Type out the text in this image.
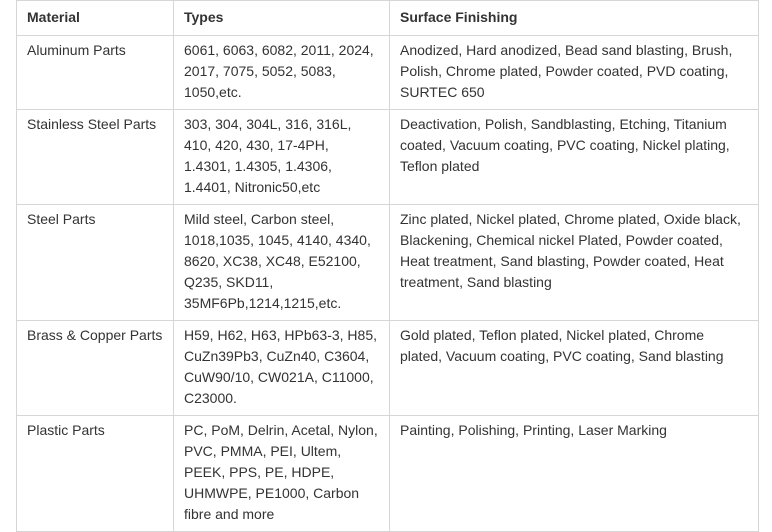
Material	Types	Surface Finishing
Aluminum Parts	6061, 6063, 6082, 2011, 2024, 2017, 7075, 5052, 5083, 1050,etc.	Anodized, Hard anodized, Bead sand blasting, Brush, Polish, Chrome plated, Powder coated, PVD coating, SURTEC 650
Stainless Steel Parts	303, 304, 304L, 316, 316L, 410, 420, 430, 17-4PH, 1.4301, 1.4305, 1.4306, 1.4401, Nitronic50,etc	Deactivation, Polish, Sandblasting, Etching, Titanium coated, Vacuum coating, PVC coating, Nickel plating, Teflon plated
Steel Parts	Mild steel, Carbon steel, 1018,1035, 1045, 4140, 4340, 8620, XC38, XC48, E52100, Q235, SKD11, 35MF6Pb,1214,1215,etc.	Zinc plated, Nickel plated, Chrome plated, Oxide black, Blackening, Chemical nickel Plated, Powder coated, Heat treatment, Sand blasting, Powder coated, Heat treatment, Sand blasting
Brass & Copper Parts	H59, H62, H63, HPb63-3, H85, CuZn39Pb3, CuZn40, C3604, CuW90/10, CW021A, C11000, C23000.	Gold plated, Teflon plated, Nickel plated, Chrome plated, Vacuum coating, PVC coating, Sand blasting
Plastic Parts	PC, PoM, Delrin, Acetal, Nylon, PVC, PMMA, PEI, Ultem, PEEK, PPS, PE, HDPE, UHMWPE, PE1000, Carbon fibre and more	Painting, Polishing, Printing, Laser Marking
